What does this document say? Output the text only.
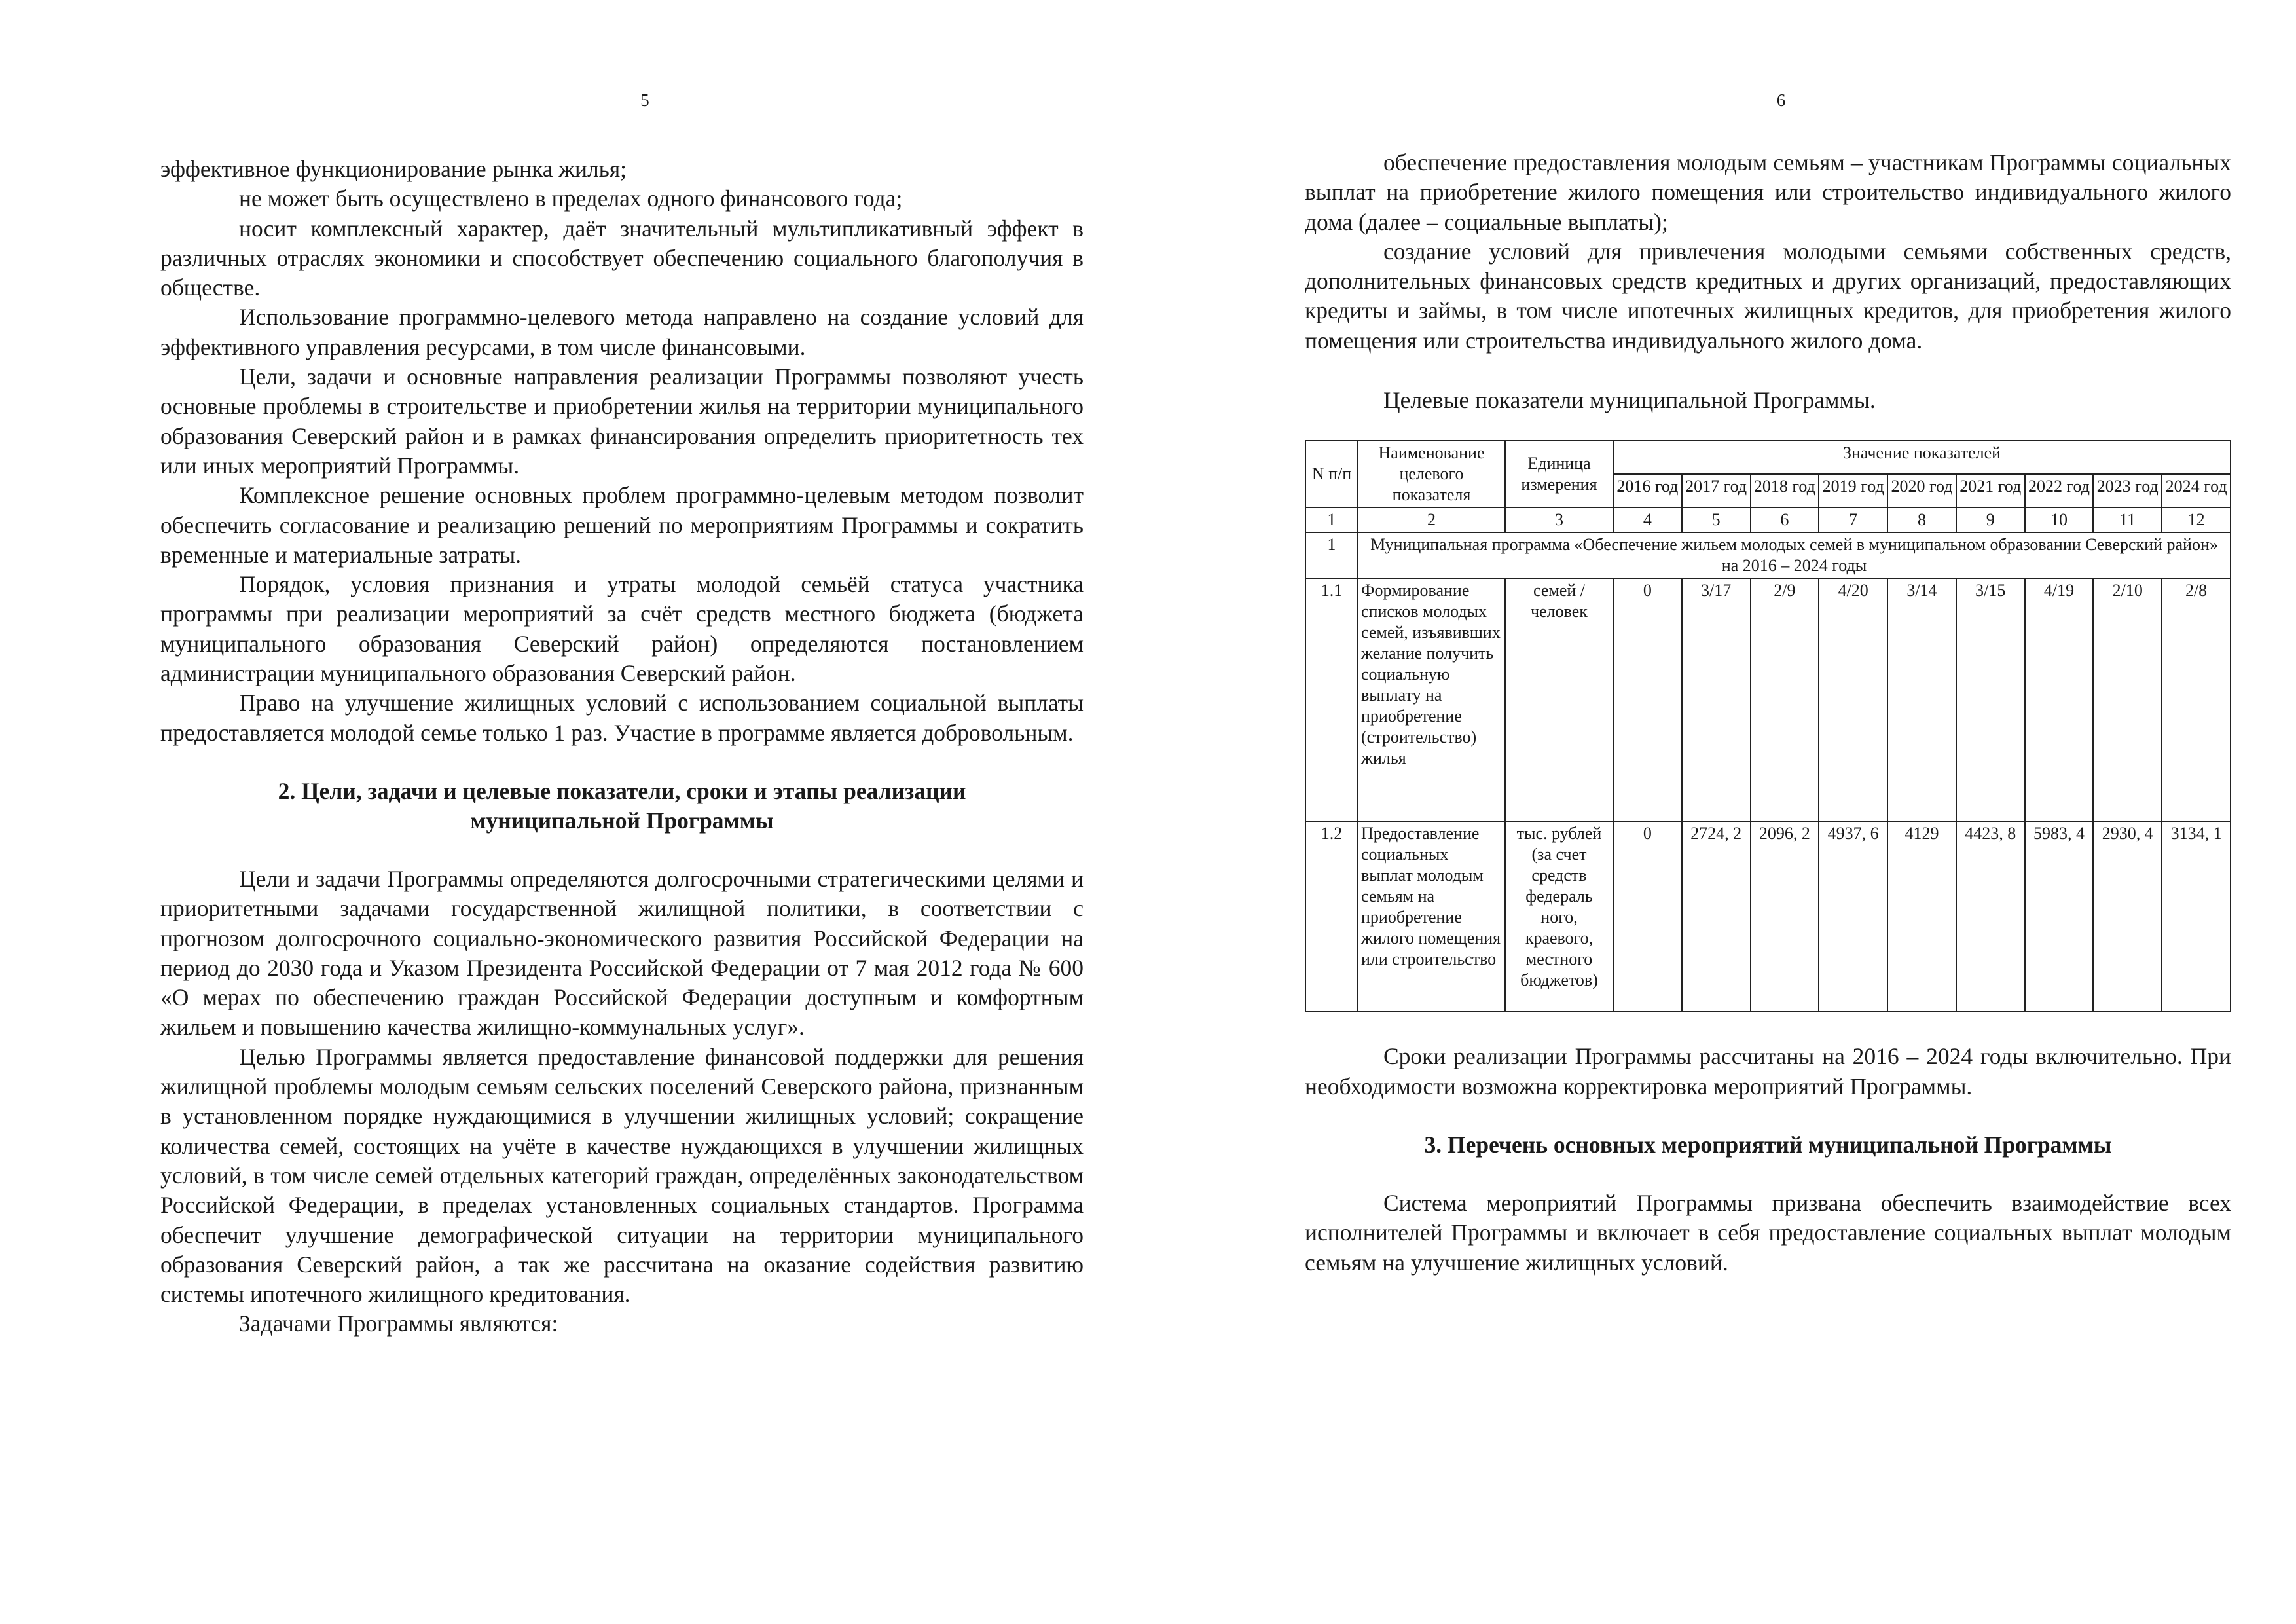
5

эффективное функционирование рынка жилья;

не может быть осуществлено в пределах одного финансового года;

носит комплексный характер, даёт значительный мультипликативный эффект в различных отраслях экономики и способствует обеспечению социального благополучия в обществе.

Использование программно-целевого метода направлено на создание условий для эффективного управления ресурсами, в том числе финансовыми.

Цели, задачи и основные направления реализации Программы позволяют учесть основные проблемы в строительстве и приобретении жилья на территории муниципального образования Северский район и в рамках финансирования определить приоритетность тех или иных мероприятий Программы.

Комплексное решение основных проблем программно-целевым методом позволит обеспечить согласование и реализацию решений по мероприятиям Программы и сократить временные и материальные затраты.

Порядок, условия признания и утраты молодой семьёй статуса участника программы при реализации мероприятий за счёт средств местного бюджета (бюджета муниципального образования Северский район) определяются постановлением администрации муниципального образования Северский район.

Право на улучшение жилищных условий с использованием социальной выплаты предоставляется молодой семье только 1 раз. Участие в программе является добровольным.

2. Цели, задачи и целевые показатели, сроки и этапы реализации муниципальной Программы

Цели и задачи Программы определяются долгосрочными стратегическими целями и приоритетными задачами государственной жилищной политики, в соответствии с прогнозом долгосрочного социально-экономического развития Российской Федерации на период до 2030 года и Указом Президента Российской Федерации от 7 мая 2012 года № 600 «О мерах по обеспечению граждан Российской Федерации доступным и комфортным жильем и повышению качества жилищно-коммунальных услуг».

Целью Программы является предоставление финансовой поддержки для решения жилищной проблемы молодым семьям сельских поселений Северского района, признанным в установленном порядке нуждающимися в улучшении жилищных условий; сокращение количества семей, состоящих на учёте в качестве нуждающихся в улучшении жилищных условий, в том числе семей отдельных категорий граждан, определённых законодательством Российской Федерации, в пределах установленных социальных стандартов. Программа обеспечит улучшение демографической ситуации на территории муниципального образования Северский район, а так же рассчитана на оказание содействия развитию системы ипотечного жилищного кредитования.

Задачами Программы являются:

6

обеспечение предоставления молодым семьям – участникам Программы социальных выплат на приобретение жилого помещения или строительство индивидуального жилого дома (далее – социальные выплаты);

создание условий для привлечения молодыми семьями собственных средств, дополнительных финансовых средств кредитных и других организаций, предоставляющих кредиты и займы, в том числе ипотечных жилищных кредитов, для приобретения жилого помещения или строительства индивидуального жилого дома.

Целевые показатели муниципальной Программы.

N п/п	Наименование целевого показателя	Единица измерения	Значение показателей								
			2016 год	2017 год	2018 год	2019 год	2020 год	2021 год	2022 год	2023 год	2024 год
1	2	3	4	5	6	7	8	9	10	11	12
1	Муниципальная программа «Обеспечение жильем молодых семей в муниципальном образовании Северский район» на 2016 – 2024 годы										
1.1	Формирование списков молодых семей, изъявивших желание получить социальную выплату на приобретение (строительство) жилья	семей / человек	0	3/17	2/9	4/20	3/14	3/15	4/19	2/10	2/8
1.2	Предоставление социальных выплат молодым семьям на приобретение жилого помещения или строительство	тыс. рублей (за счет средств федераль ного, краевого, местного бюджетов)	0	2724, 2	2096, 2	4937, 6	4129	4423, 8	5983, 4	2930, 4	3134, 1

Сроки реализации Программы рассчитаны на 2016 – 2024 годы включительно. При необходимости возможна корректировка мероприятий Программы.

3. Перечень основных мероприятий муниципальной Программы

Система мероприятий Программы призвана обеспечить взаимодействие всех исполнителей Программы и включает в себя предоставление социальных выплат молодым семьям на улучшение жилищных условий.
